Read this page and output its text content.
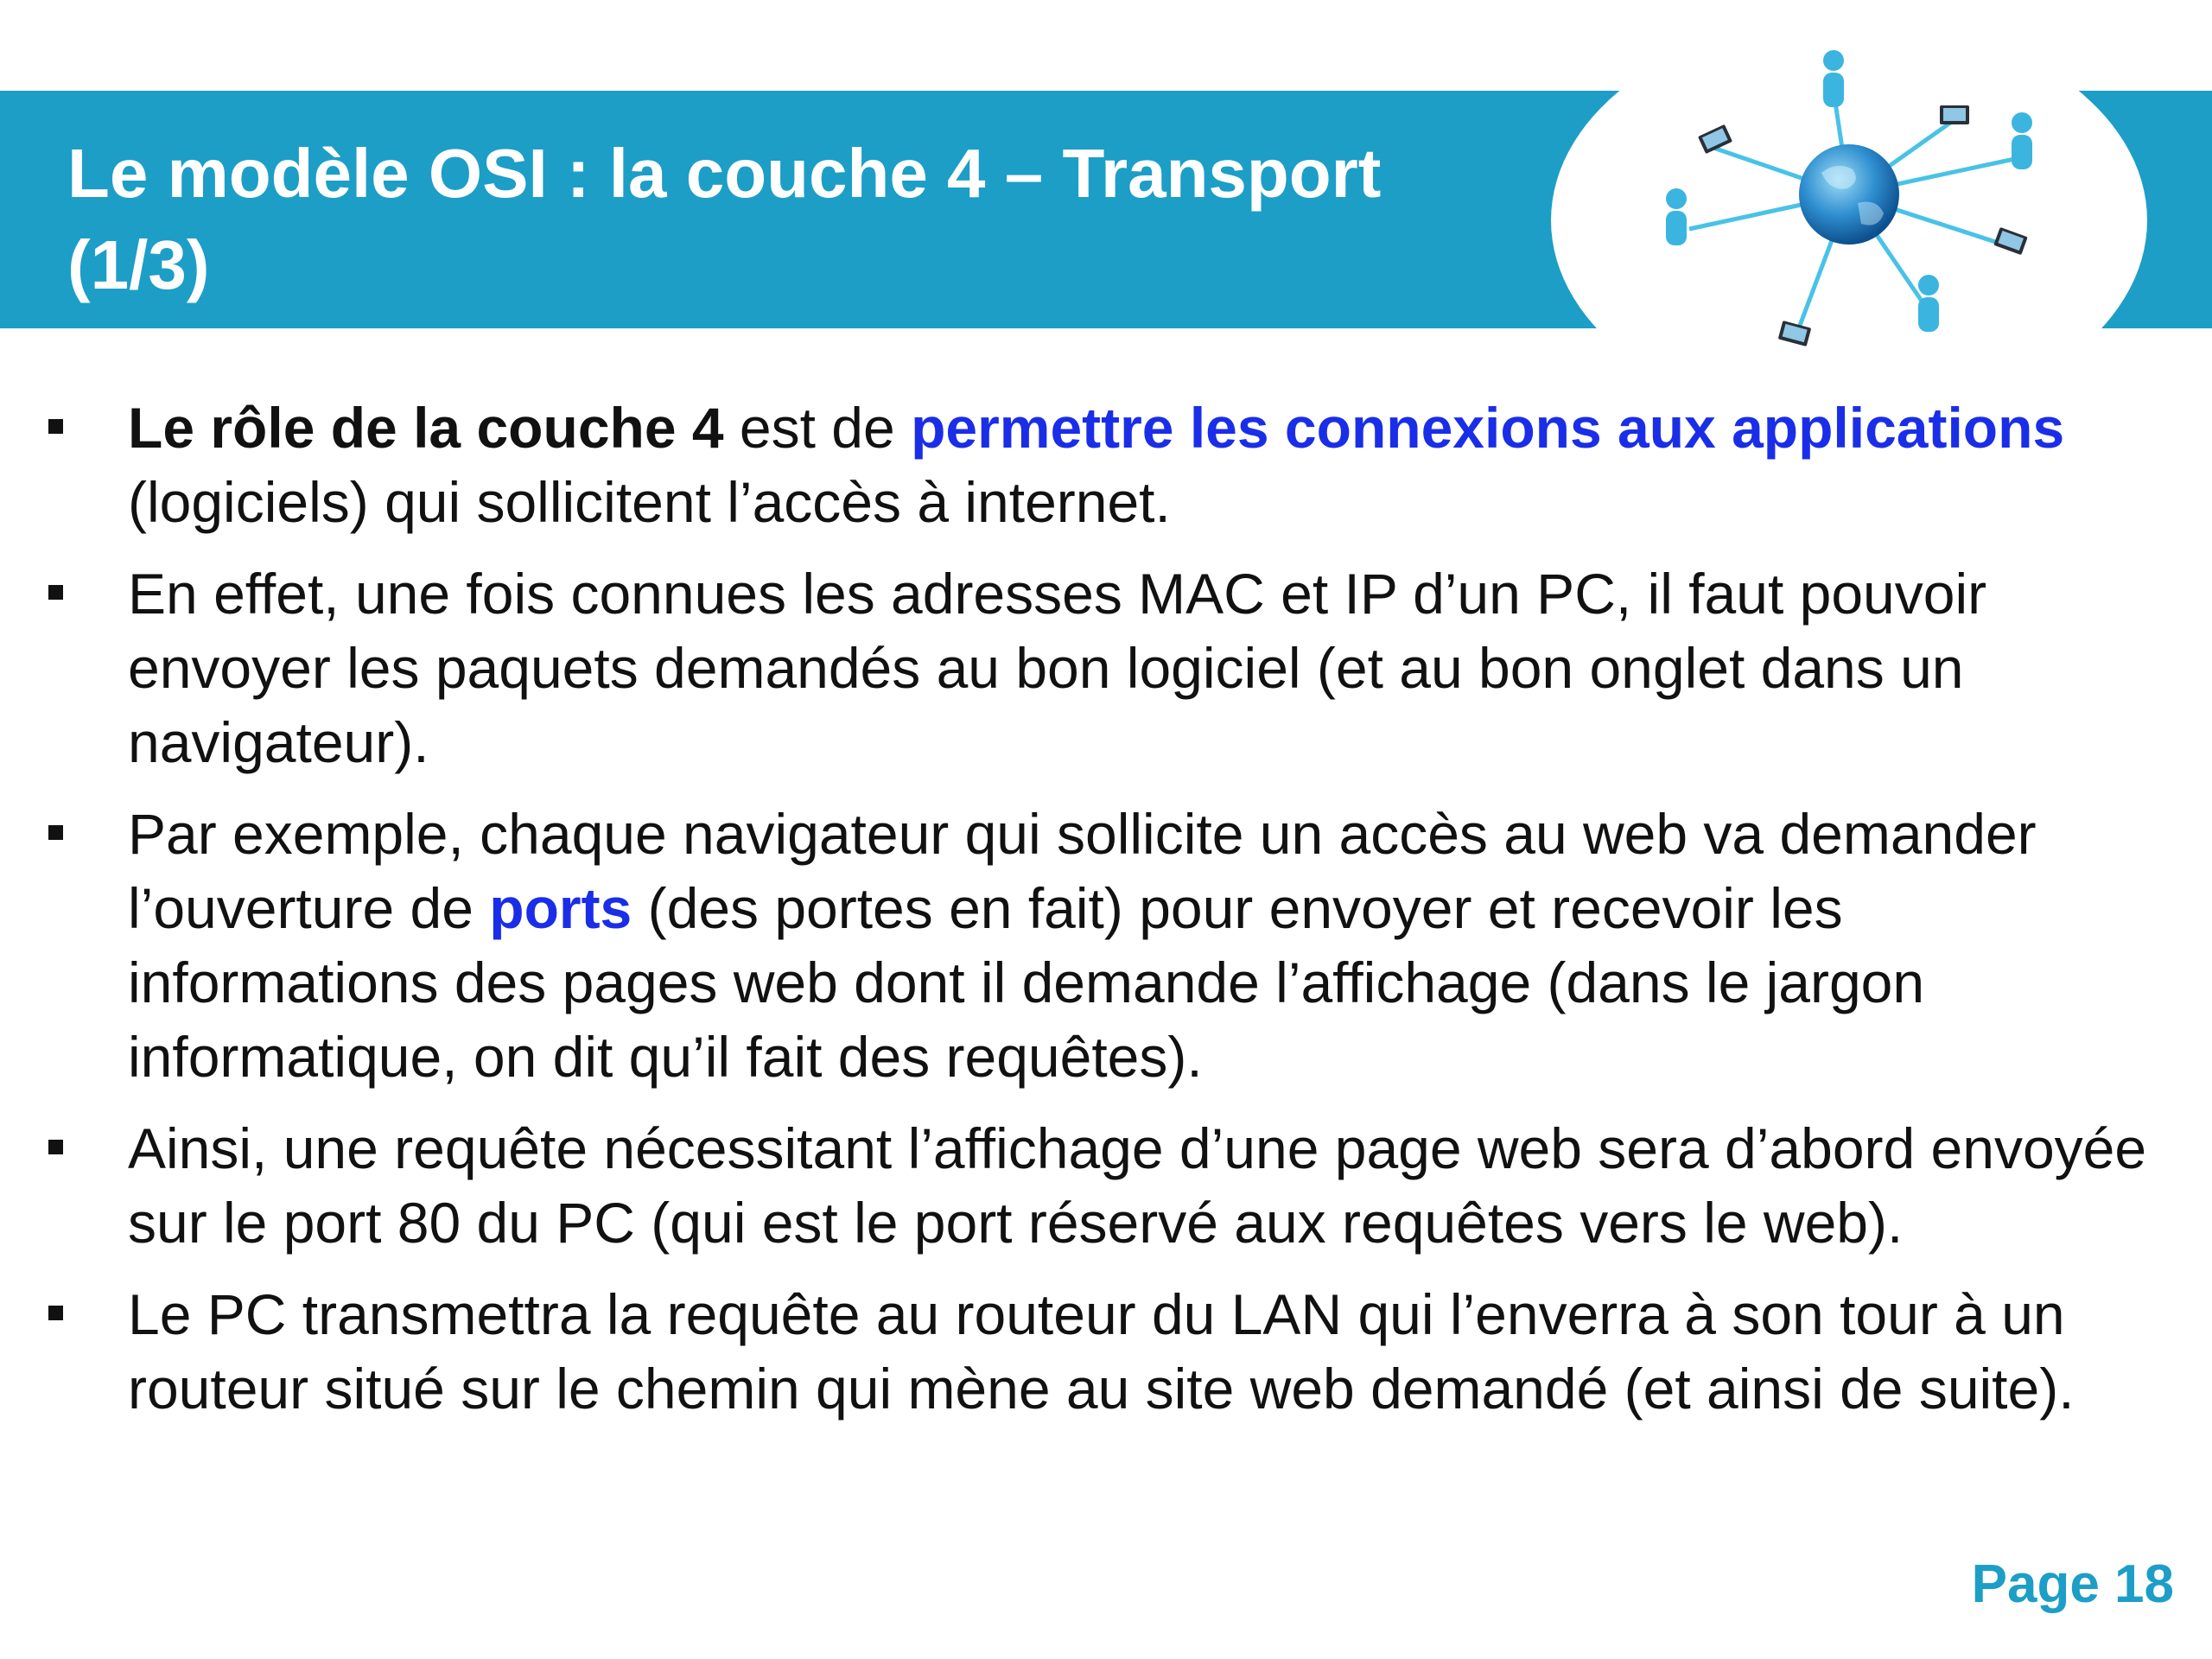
Le modèle OSI : la couche 4 – Transport
(1/3)
Le rôle de la couche 4 est de permettre les connexions aux applications (logiciels) qui sollicitent l’accès à internet.
En effet, une fois connues les adresses MAC et IP d’un PC, il faut pouvoir envoyer les paquets demandés au bon logiciel (et au bon onglet dans un navigateur).
Par exemple, chaque navigateur qui sollicite un accès au web va demander l’ouverture de ports (des portes en fait) pour envoyer et recevoir les informations des pages web dont il demande l’affichage (dans le jargon informatique, on dit qu’il fait des requêtes).
Ainsi, une requête nécessitant l’affichage d’une page web sera d’abord envoyée sur le port 80 du PC (qui est le port réservé aux requêtes vers le web).
Le PC transmettra la requête au routeur du LAN qui l’enverra à son tour à un routeur situé sur le chemin qui mène au site web demandé (et ainsi de suite).
Page 18
